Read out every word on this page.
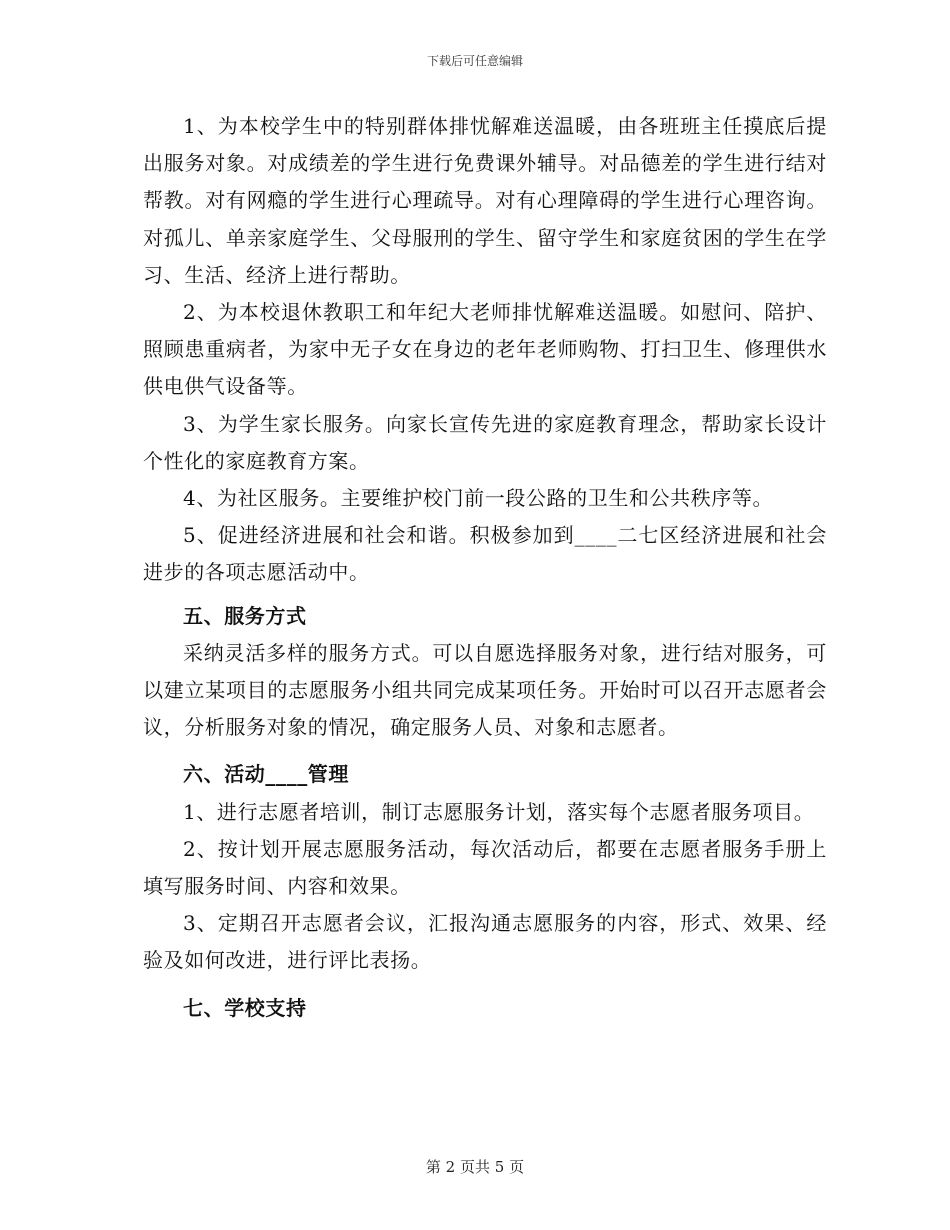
下载后可任意编辑

1、为本校学生中的特别群体排忧解难送温暖，由各班班主任摸底后提出服务对象。对成绩差的学生进行免费课外辅导。对品德差的学生进行结对帮教。对有网瘾的学生进行心理疏导。对有心理障碍的学生进行心理咨询。对孤儿、单亲家庭学生、父母服刑的学生、留守学生和家庭贫困的学生在学习、生活、经济上进行帮助。

2、为本校退休教职工和年纪大老师排忧解难送温暖。如慰问、陪护、照顾患重病者，为家中无子女在身边的老年老师购物、打扫卫生、修理供水供电供气设备等。

3、为学生家长服务。向家长宣传先进的家庭教育理念，帮助家长设计个性化的家庭教育方案。

4、为社区服务。主要维护校门前一段公路的卫生和公共秩序等。

5、促进经济进展和社会和谐。积极参加到____二七区经济进展和社会进步的各项志愿活动中。

五、服务方式

采纳灵活多样的服务方式。可以自愿选择服务对象，进行结对服务，可以建立某项目的志愿服务小组共同完成某项任务。开始时可以召开志愿者会议，分析服务对象的情况，确定服务人员、对象和志愿者。

六、活动____管理

1、进行志愿者培训，制订志愿服务计划，落实每个志愿者服务项目。

2、按计划开展志愿服务活动，每次活动后，都要在志愿者服务手册上填写服务时间、内容和效果。

3、定期召开志愿者会议，汇报沟通志愿服务的内容，形式、效果、经验及如何改进，进行评比表扬。

七、学校支持

第 2 页共 5 页
